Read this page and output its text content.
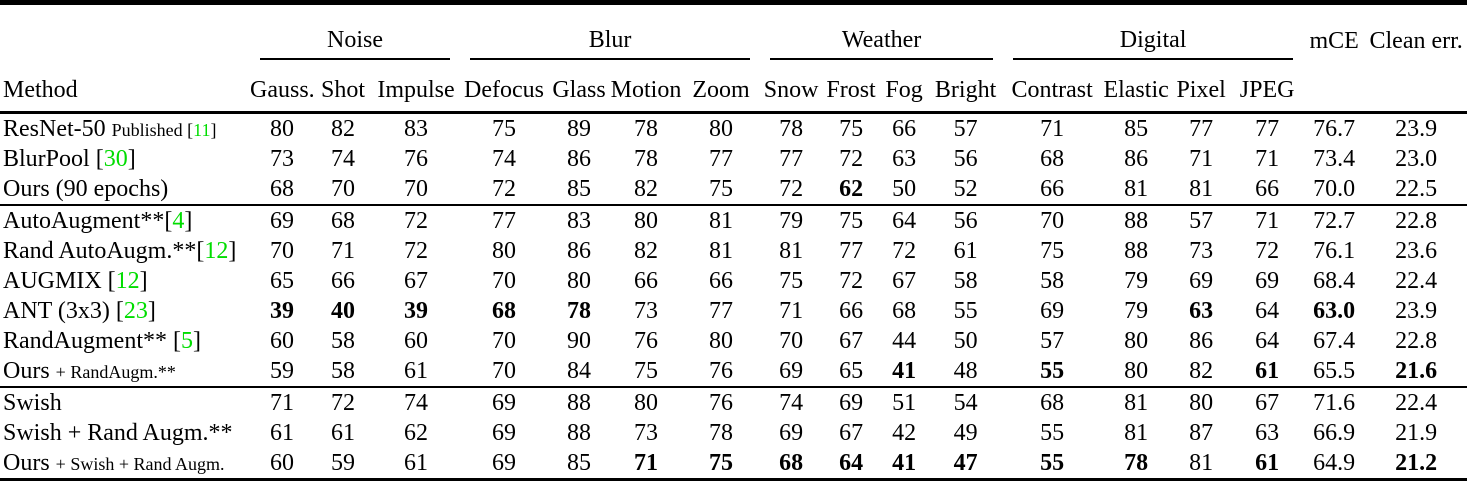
	Noise			Blur				Weather				Digital				mCE	Clean err.
Method	Gauss.	Shot	Impulse	Defocus	Glass	Motion	Zoom	Snow	Frost	Fog	Bright	Contrast	Elastic	Pixel	JPEG		
ResNet-50 Published [11]	80	82	83	75	89	78	80	78	75	66	57	71	85	77	77	76.7	23.9
BlurPool [30]	73	74	76	74	86	78	77	77	72	63	56	68	86	71	71	73.4	23.0
Ours (90 epochs)	68	70	70	72	85	82	75	72	62	50	52	66	81	81	66	70.0	22.5
AutoAugment**[4]	69	68	72	77	83	80	81	79	75	64	56	70	88	57	71	72.7	22.8
Rand AutoAugm.**[12]	70	71	72	80	86	82	81	81	77	72	61	75	88	73	72	76.1	23.6
AUGMIX [12]	65	66	67	70	80	66	66	75	72	67	58	58	79	69	69	68.4	22.4
ANT (3x3) [23]	39	40	39	68	78	73	77	71	66	68	55	69	79	63	64	63.0	23.9
RandAugment** [5]	60	58	60	70	90	76	80	70	67	44	50	57	80	86	64	67.4	22.8
Ours + RandAugm.**	59	58	61	70	84	75	76	69	65	41	48	55	80	82	61	65.5	21.6
Swish	71	72	74	69	88	80	76	74	69	51	54	68	81	80	67	71.6	22.4
Swish + Rand Augm.**	61	61	62	69	88	73	78	69	67	42	49	55	81	87	63	66.9	21.9
Ours + Swish + Rand Augm.	60	59	61	69	85	71	75	68	64	41	47	55	78	81	61	64.9	21.2
